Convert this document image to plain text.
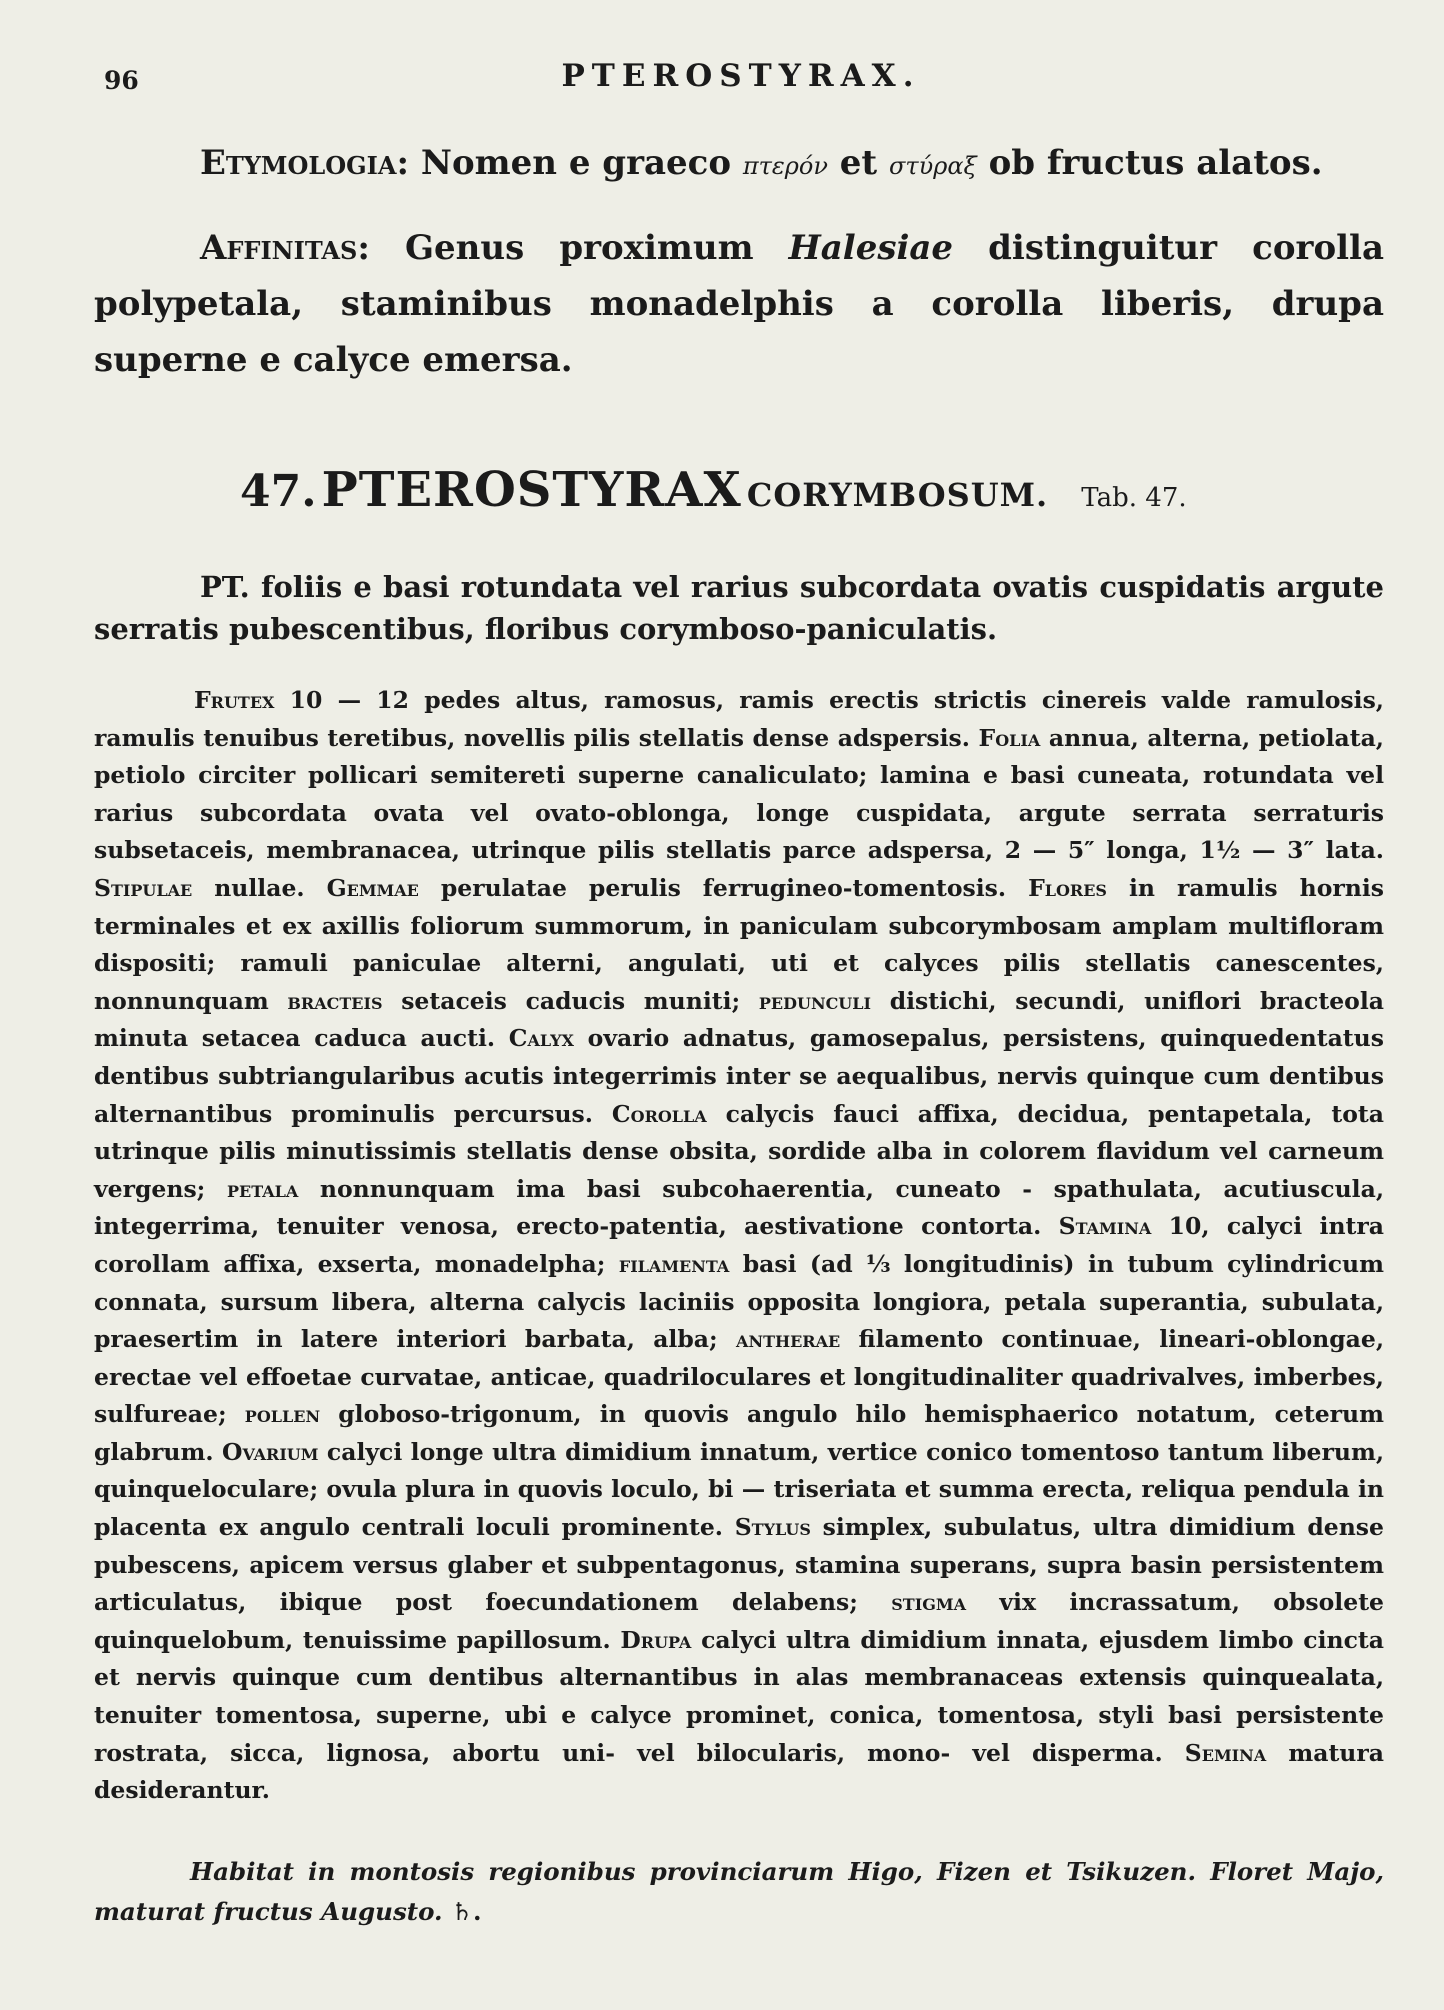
96	PTEROSTYRAX.
Etymologia: Nomen e graeco πτερόν et στύραξ ob fructus alatos.
Affinitas: Genus proximum Halesiae distinguitur corolla polypetala, staminibus monadelphis a corolla liberis, drupa superne e calyce emersa.
47. PTEROSTYRAX CORYMBOSUM. Tab. 47.
PT. foliis e basi rotundata vel rarius subcordata ovatis cuspidatis argute serratis pubescentibus, floribus corymboso-paniculatis.
Frutex 10 — 12 pedes altus, ramosus, ramis erectis strictis cinereis valde ramulosis, ramulis tenuibus teretibus, novellis pilis stellatis dense adspersis. Folia annua, alterna, petiolata, petiolo circiter pollicari semitereti superne canaliculato; lamina e basi cuneata, rotundata vel rarius subcordata ovata vel ovato-oblonga, longe cuspidata, argute serrata serraturis subsetaceis, membranacea, utrinque pilis stellatis parce adspersa, 2 — 5″ longa, 1½ — 3″ lata. Stipulae nullae. Gemmae perulatae perulis ferrugineo-tomentosis. Flores in ramulis hornis terminales et ex axillis foliorum summorum, in paniculam subcorymbosam amplam multifloram dispositi; ramuli paniculae alterni, angulati, uti et calyces pilis stellatis canescentes, nonnunquam bracteis setaceis caducis muniti; pedunculi distichi, secundi, uniflori bracteola minuta setacea caduca aucti. Calyx ovario adnatus, gamosepalus, persistens, quinquedentatus dentibus subtriangularibus acutis integerrimis inter se aequalibus, nervis quinque cum dentibus alternantibus prominulis percursus. Corolla calycis fauci affixa, decidua, pentapetala, tota utrinque pilis minutissimis stellatis dense obsita, sordide alba in colorem flavidum vel carneum vergens; petala nonnunquam ima basi subcohaerentia, cuneato - spathulata, acutiuscula, integerrima, tenuiter venosa, erecto-patentia, aestivatione contorta. Stamina 10, calyci intra corollam affixa, exserta, monadelpha; filamenta basi (ad ⅓ longitudinis) in tubum cylindricum connata, sursum libera, alterna calycis laciniis opposita longiora, petala superantia, subulata, praesertim in latere interiori barbata, alba; antherae filamento continuae, lineari-oblongae, erectae vel effoetae curvatae, anticae, quadriloculares et longitudinaliter quadrivalves, imberbes, sulfureae; pollen globoso-trigonum, in quovis angulo hilo hemisphaerico notatum, ceterum glabrum. Ovarium calyci longe ultra dimidium innatum, vertice conico tomentoso tantum liberum, quinqueloculare; ovula plura in quovis loculo, bi — triseriata et summa erecta, reliqua pendula in placenta ex angulo centrali loculi prominente. Stylus simplex, subulatus, ultra dimidium dense pubescens, apicem versus glaber et subpentagonus, stamina superans, supra basin persistentem articulatus, ibique post foecundationem delabens; stigma vix incrassatum, obsolete quinquelobum, tenuissime papillosum. Drupa calyci ultra dimidium innata, ejusdem limbo cincta et nervis quinque cum dentibus alternantibus in alas membranaceas extensis quinquealata, tenuiter tomentosa, superne, ubi e calyce prominet, conica, tomentosa, styli basi persistente rostrata, sicca, lignosa, abortu uni- vel bilocularis, mono- vel disperma. Semina matura desiderantur.
Habitat in montosis regionibus provinciarum Higo, Fizen et Tsikuzen. Floret Majo, maturat fructus Augusto. ♄.
